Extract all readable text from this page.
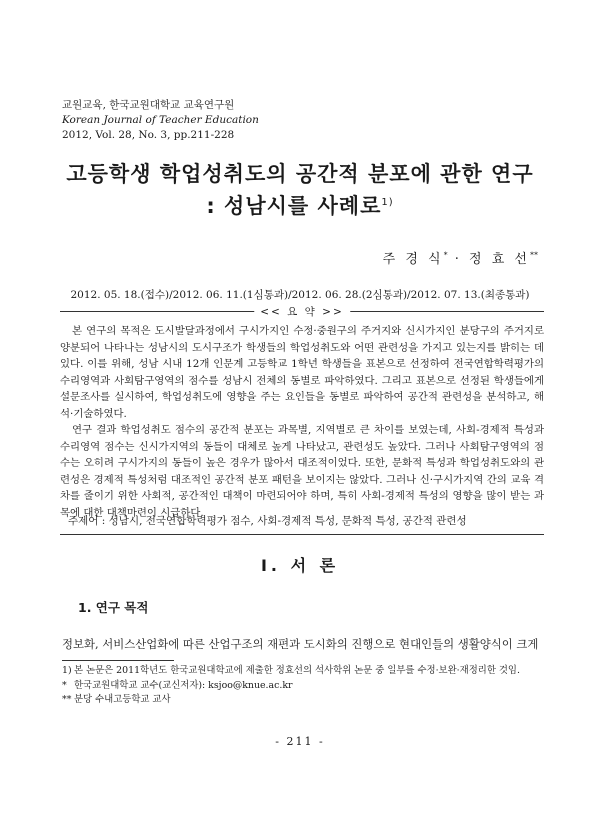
교원교육, 한국교원대학교 교육연구원
Korean Journal of Teacher Education
2012, Vol. 28, No. 3, pp.211-228
고등학생 학업성취도의 공간적 분포에 관한 연구
: 성남시를 사례로$^{1)}$
주 경 식* · 정 효 선**
2012. 05. 18.(접수)/2012. 06. 11.(1심통과)/2012. 06. 28.(2심통과)/2012. 07. 13.(최종통과)
<< 요 약 >>

본 연구의 목적은 도시발달과정에서 구시가지인 수정·중원구의 주거지와 신시가지인 분당구의 주거지로 양분되어 나타나는 성남시의 도시구조가 학생들의 학업성취도와 어떤 관련성을 가지고 있는지를 밝히는 데 있다. 이를 위해, 성남 시내 12개 인문계 고등학교 1학년 학생들을 표본으로 선정하여 전국연합학력평가의 수리영역과 사회탐구영역의 점수를 성남시 전체의 동별로 파악하였다. 그리고 표본으로 선정된 학생들에게 설문조사를 실시하여, 학업성취도에 영향을 주는 요인들을 동별로 파악하여 공간적 관련성을 분석하고, 해석·기술하였다.

연구 결과 학업성취도 점수의 공간적 분포는 과목별, 지역별로 큰 차이를 보였는데, 사회-경제적 특성과 수리영역 점수는 신시가지역의 동들이 대체로 높게 나타났고, 관련성도 높았다. 그러나 사회탐구영역의 점수는 오히려 구시가지의 동들이 높은 경우가 많아서 대조적이었다. 또한, 문화적 특성과 학업성취도와의 관련성은 경제적 특성처럼 대조적인 공간적 분포 패턴을 보이지는 않았다. 그러나 신·구시가지역 간의 교육 격차를 줄이기 위한 사회적, 공간적인 대책이 마련되어야 하며, 특히 사회-경제적 특성의 영향을 많이 받는 과목에 대한 대책마련이 시급하다.

주제어 : 성남시, 전국연합학력평가 점수, 사회-경제적 특성, 문화적 특성, 공간적 관련성
Ⅰ. 서 론
1. 연구 목적
정보화, 서비스산업화에 따른 산업구조의 재편과 도시화의 진행으로 현대인들의 생활양식이 크게
1) 본 논문은 2011학년도 한국교원대학교에 제출한 정효선의 석사학위 논문 중 일부를 수정·보완·재정리한 것임.
* 한국교원대학교 교수(교신저자): ksjoo@knue.ac.kr
** 분당 수내고등학교 교사
- 211 -
